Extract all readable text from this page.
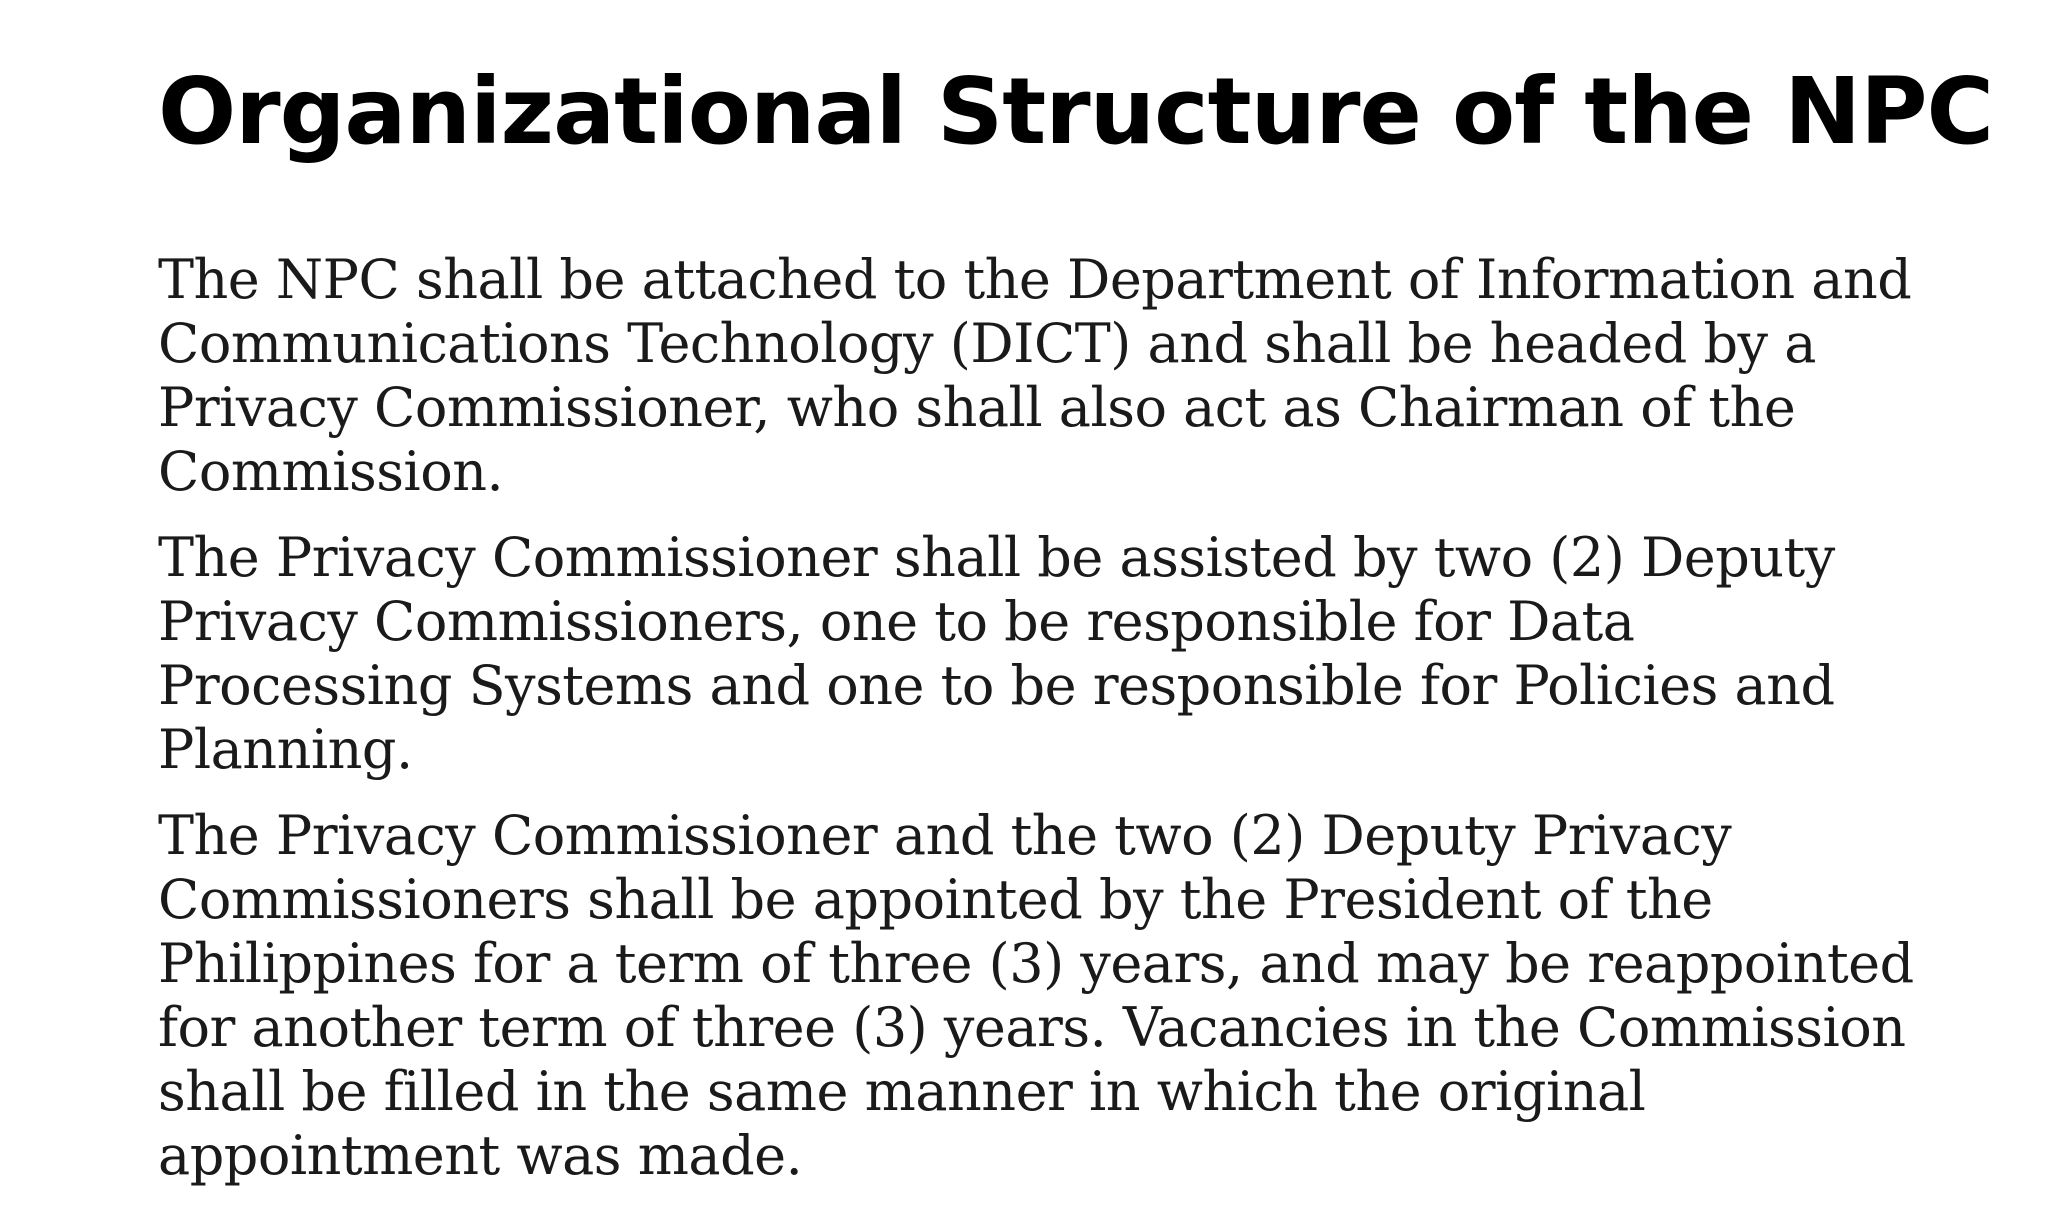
Organizational Structure of the NPC

The NPC shall be attached to the Department of Information and Communications Technology (DICT) and shall be headed by a Privacy Commissioner, who shall also act as Chairman of the Commission.

The Privacy Commissioner shall be assisted by two (2) Deputy Privacy Commissioners, one to be responsible for Data Processing Systems and one to be responsible for Policies and Planning.

The Privacy Commissioner and the two (2) Deputy Privacy Commissioners shall be appointed by the President of the Philippines for a term of three (3) years, and may be reappointed for another term of three (3) years. Vacancies in the Commission shall be filled in the same manner in which the original appointment was made.
